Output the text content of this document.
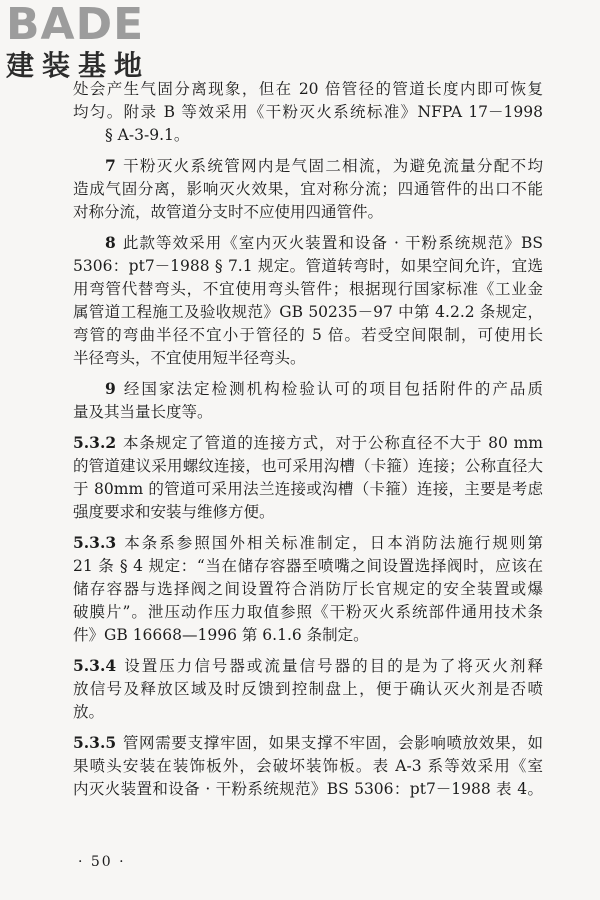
BADE
建装基地
处会产生气固分离现象，但在 20 倍管径的管道长度内即可恢复
均匀。附录 B 等效采用《干粉灭火系统标准》NFPA 17－1998
§ A-3-9.1。
7 干粉灭火系统管网内是气固二相流，为避免流量分配不均
造成气固分离，影响灭火效果，宜对称分流；四通管件的出口不能
对称分流，故管道分支时不应使用四通管件。
8 此款等效采用《室内灭火装置和设备 · 干粉系统规范》BS
5306：pt7－1988 § 7.1 规定。管道转弯时，如果空间允许，宜选
用弯管代替弯头，不宜使用弯头管件；根据现行国家标准《工业金
属管道工程施工及验收规范》GB 50235－97 中第 4.2.2 条规定，
弯管的弯曲半径不宜小于管径的 5 倍。若受空间限制，可使用长
半径弯头，不宜使用短半径弯头。
9 经国家法定检测机构检验认可的项目包括附件的产品质
量及其当量长度等。
5.3.2 本条规定了管道的连接方式，对于公称直径不大于 80 mm
的管道建议采用螺纹连接，也可采用沟槽（卡箍）连接；公称直径大
于 80mm 的管道可采用法兰连接或沟槽（卡箍）连接，主要是考虑
强度要求和安装与维修方便。
5.3.3 本条系参照国外相关标准制定，日本消防法施行规则第
21 条 § 4 规定：“当在储存容器至喷嘴之间设置选择阀时，应该在
储存容器与选择阀之间设置符合消防厅长官规定的安全装置或爆
破膜片”。泄压动作压力取值参照《干粉灭火系统部件通用技术条
件》GB 16668—1996 第 6.1.6 条制定。
5.3.4 设置压力信号器或流量信号器的目的是为了将灭火剂释
放信号及释放区域及时反馈到控制盘上，便于确认灭火剂是否喷
放。
5.3.5 管网需要支撑牢固，如果支撑不牢固，会影响喷放效果，如
果喷头安装在装饰板外，会破坏装饰板。表 A-3 系等效采用《室
内灭火装置和设备 · 干粉系统规范》BS 5306：pt7－1988 表 4。
· 50 ·
